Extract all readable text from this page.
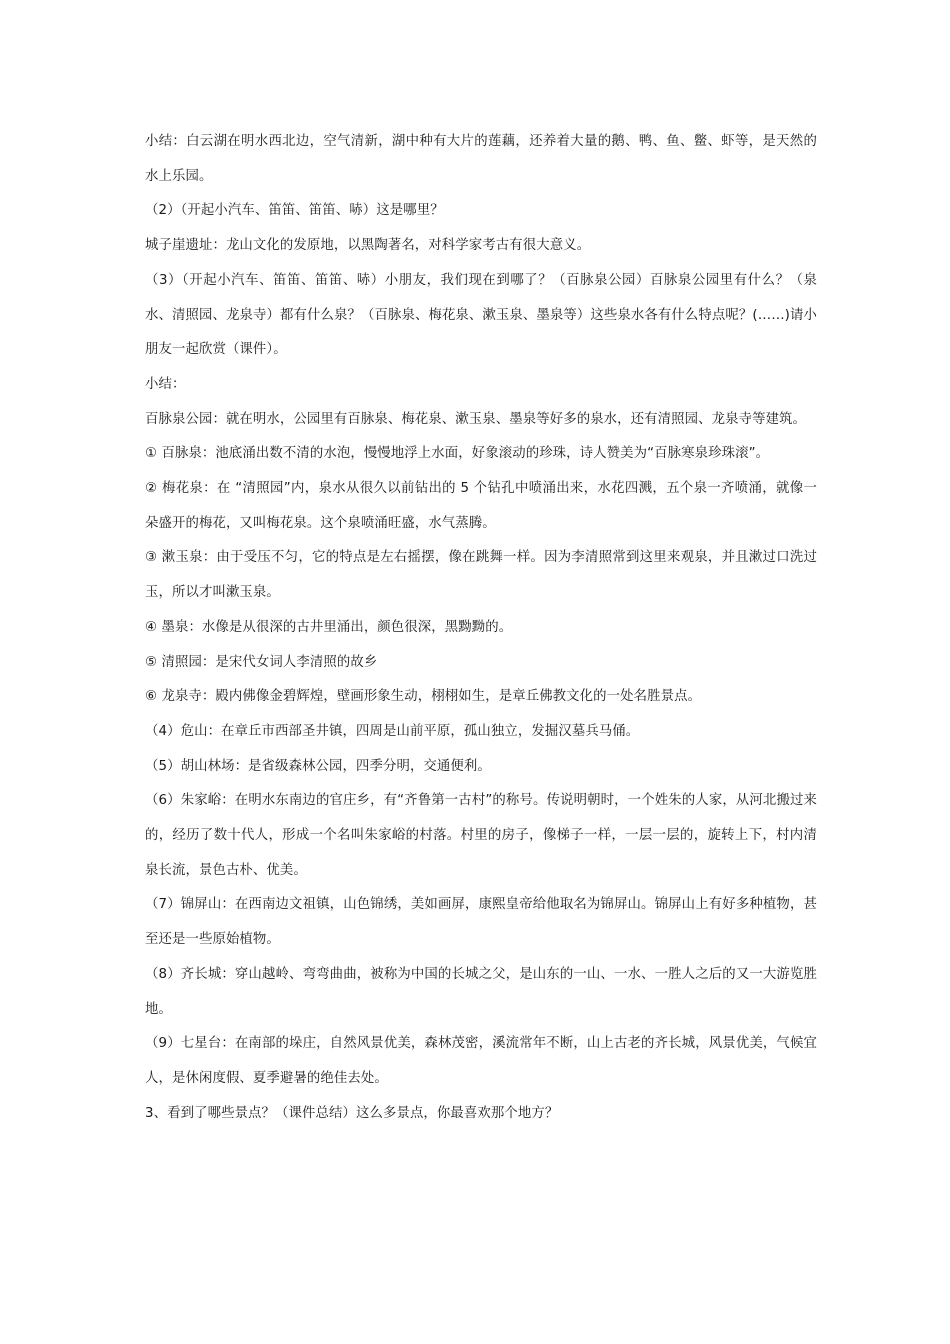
小结：白云湖在明水西北边，空气清新，湖中种有大片的莲藕，还养着大量的鹅、鸭、鱼、鳖、虾等，是天然的水上乐园。

（2）（开起小汽车、笛笛、笛笛、哧）这是哪里？

城子崖遗址：龙山文化的发原地，以黑陶著名，对科学家考古有很大意义。

（3）（开起小汽车、笛笛、笛笛、哧）小朋友，我们现在到哪了？（百脉泉公园）百脉泉公园里有什么？（泉水、清照园、龙泉寺）都有什么泉？（百脉泉、梅花泉、漱玉泉、墨泉等）这些泉水各有什么特点呢？(……)请小朋友一起欣赏（课件）。

小结：

百脉泉公园：就在明水，公园里有百脉泉、梅花泉、漱玉泉、墨泉等好多的泉水，还有清照园、龙泉寺等建筑。

① 百脉泉：池底涌出数不清的水泡，慢慢地浮上水面，好象滚动的珍珠，诗人赞美为“百脉寒泉珍珠滚”。

② 梅花泉：在 “清照园”内，泉水从很久以前钻出的 5 个钻孔中喷涌出来，水花四溅，五个泉一齐喷涌，就像一朵盛开的梅花，又叫梅花泉。这个泉喷涌旺盛，水气蒸腾。

③ 漱玉泉：由于受压不匀，它的特点是左右摇摆，像在跳舞一样。因为李清照常到这里来观泉，并且漱过口洗过玉，所以才叫漱玉泉。

④ 墨泉：水像是从很深的古井里涌出，颜色很深，黑黝黝的。

⑤ 清照园：是宋代女词人李清照的故乡

⑥ 龙泉寺：殿内佛像金碧辉煌，壁画形象生动，栩栩如生，是章丘佛教文化的一处名胜景点。

（4）危山：在章丘市西部圣井镇，四周是山前平原，孤山独立，发掘汉墓兵马俑。

（5）胡山林场：是省级森林公园，四季分明，交通便利。

（6）朱家峪：在明水东南边的官庄乡，有“齐鲁第一古村”的称号。传说明朝时，一个姓朱的人家，从河北搬过来的，经历了数十代人，形成一个名叫朱家峪的村落。村里的房子，像梯子一样，一层一层的，旋转上下，村内清泉长流，景色古朴、优美。

（7）锦屏山：在西南边文祖镇，山色锦绣，美如画屏，康熙皇帝给他取名为锦屏山。锦屏山上有好多种植物，甚至还是一些原始植物。

（8）齐长城：穿山越岭、弯弯曲曲，被称为中国的长城之父，是山东的一山、一水、一胜人之后的又一大游览胜地。

（9）七星台：在南部的垛庄，自然风景优美，森林茂密，溪流常年不断，山上古老的齐长城，风景优美，气候宜人，是休闲度假、夏季避暑的绝佳去处。

3、看到了哪些景点？（课件总结）这么多景点，你最喜欢那个地方？
